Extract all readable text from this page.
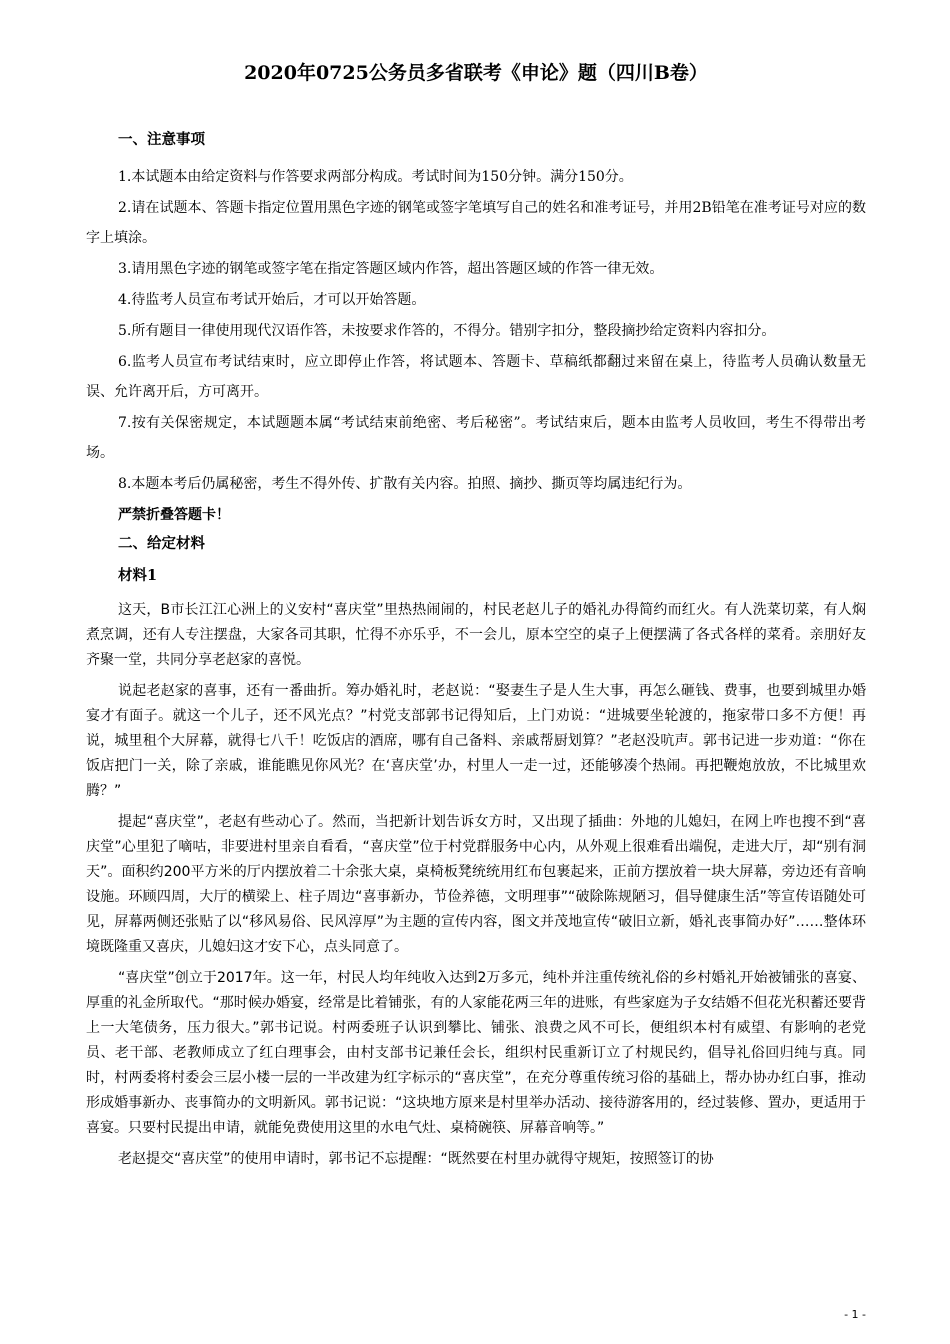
2020年0725公务员多省联考《申论》题（四川B卷）
一、注意事项

1.本试题本由给定资料与作答要求两部分构成。考试时间为150分钟。满分150分。

2.请在试题本、答题卡指定位置用黑色字迹的钢笔或签字笔填写自己的姓名和准考证号，并用2B铅笔在准考证号对应的数字上填涂。

3.请用黑色字迹的钢笔或签字笔在指定答题区域内作答，超出答题区域的作答一律无效。

4.待监考人员宣布考试开始后，才可以开始答题。

5.所有题目一律使用现代汉语作答，未按要求作答的，不得分。错别字扣分，整段摘抄给定资料内容扣分。

6.监考人员宣布考试结束时，应立即停止作答，将试题本、答题卡、草稿纸都翻过来留在桌上，待监考人员确认数量无误、允许离开后，方可离开。

7.按有关保密规定，本试题题本属“考试结束前绝密、考后秘密”。考试结束后，题本由监考人员收回，考生不得带出考场。

8.本题本考后仍属秘密，考生不得外传、扩散有关内容。拍照、摘抄、撕页等均属违纪行为。

严禁折叠答题卡！

二、给定材料
材料1

这天，B市长江江心洲上的义安村“喜庆堂”里热热闹闹的，村民老赵儿子的婚礼办得简约而红火。有人洗菜切菜，有人焖煮烹调，还有人专注摆盘，大家各司其职，忙得不亦乐乎，不一会儿，原本空空的桌子上便摆满了各式各样的菜肴。亲朋好友齐聚一堂，共同分享老赵家的喜悦。

说起老赵家的喜事，还有一番曲折。筹办婚礼时，老赵说：“娶妻生子是人生大事，再怎么砸钱、费事，也要到城里办婚宴才有面子。就这一个儿子，还不风光点？”村党支部郭书记得知后，上门劝说：“进城要坐轮渡的，拖家带口多不方便！再说，城里租个大屏幕，就得七八千！吃饭店的酒席，哪有自己备料、亲戚帮厨划算？”老赵没吭声。郭书记进一步劝道：“你在饭店把门一关，除了亲戚，谁能瞧见你风光？在‘喜庆堂’办，村里人一走一过，还能够凑个热闹。再把鞭炮放放，不比城里欢腾？”

提起“喜庆堂”，老赵有些动心了。然而，当把新计划告诉女方时，又出现了插曲：外地的儿媳妇，在网上咋也搜不到“喜庆堂”心里犯了嘀咕，非要进村里亲自看看，“喜庆堂”位于村党群服务中心内，从外观上很难看出端倪，走进大厅，却“别有洞天”。面积约200平方米的厅内摆放着二十余张大桌，桌椅板凳统统用红布包裹起来，正前方摆放着一块大屏幕，旁边还有音响设施。环顾四周，大厅的横梁上、柱子周边“喜事新办，节俭养德，文明理事”“破除陈规陋习，倡导健康生活”等宣传语随处可见，屏幕两侧还张贴了以“移风易俗、民风淳厚”为主题的宣传内容，图文并茂地宣传“破旧立新，婚礼丧事简办好”……整体环境既隆重又喜庆，儿媳妇这才安下心，点头同意了。

“喜庆堂”创立于2017年。这一年，村民人均年纯收入达到2万多元，纯朴并注重传统礼俗的乡村婚礼开始被铺张的喜宴、厚重的礼金所取代。“那时候办婚宴，经常是比着铺张，有的人家能花两三年的进账，有些家庭为子女结婚不但花光积蓄还要背上一大笔债务，压力很大。”郭书记说。村两委班子认识到攀比、铺张、浪费之风不可长，便组织本村有威望、有影响的老党员、老干部、老教师成立了红白理事会，由村支部书记兼任会长，组织村民重新订立了村规民约，倡导礼俗回归纯与真。同时，村两委将村委会三层小楼一层的一半改建为红字标示的“喜庆堂”，在充分尊重传统习俗的基础上，帮办协办红白事，推动形成婚事新办、丧事简办的文明新风。郭书记说：“这块地方原来是村里举办活动、接待游客用的，经过装修、置办，更适用于喜宴。只要村民提出申请，就能免费使用这里的水电气灶、桌椅碗筷、屏幕音响等。”

老赵提交“喜庆堂”的使用申请时，郭书记不忘提醒：“既然要在村里办就得守规矩，按照签订的协

- 1 -
